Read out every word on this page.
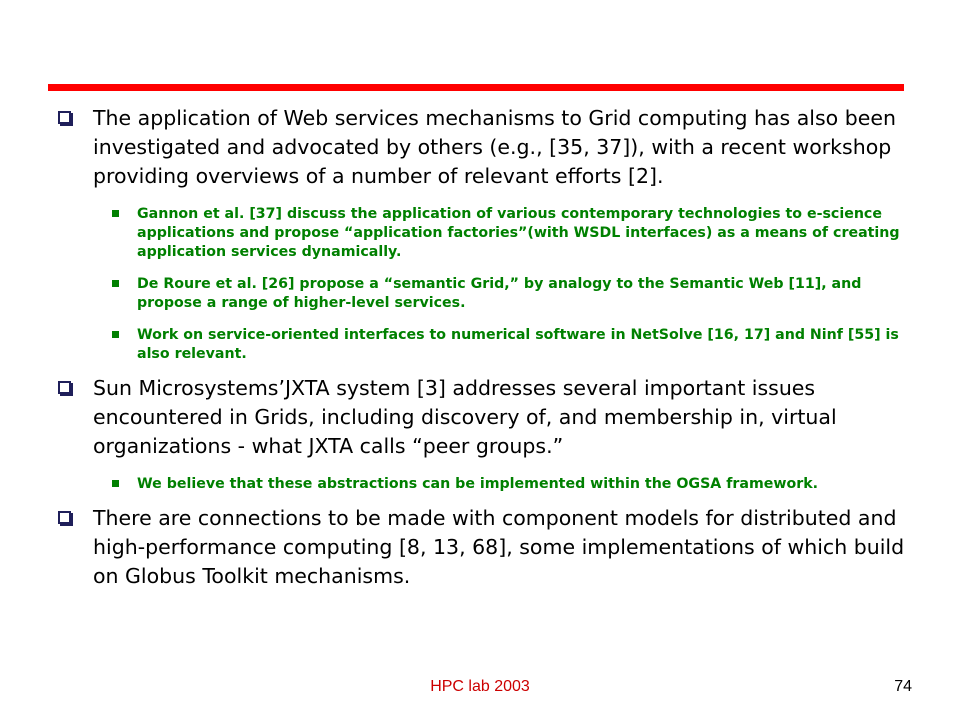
The application of Web services mechanisms to Grid computing has also been investigated and advocated by others (e.g., [35, 37]), with a recent workshop providing overviews of a number of relevant efforts [2].
Gannon et al. [37] discuss the application of various contemporary technologies to e-science applications and propose “application factories”(with WSDL interfaces) as a means of creating application services dynamically.
De Roure et al. [26] propose a “semantic Grid,” by analogy to the Semantic Web [11], and propose a range of higher-level services.
Work on service-oriented interfaces to numerical software in NetSolve [16, 17] and Ninf [55] is also relevant.
Sun Microsystems’JXTA system [3] addresses several important issues encountered in Grids, including discovery of, and membership in, virtual organizations - what JXTA calls “peer groups.”
We believe that these abstractions can be implemented within the OGSA framework.
There are connections to be made with component models for distributed and high-performance computing [8, 13, 68], some implementations of which build on Globus Toolkit mechanisms.
HPC lab 2003	74
